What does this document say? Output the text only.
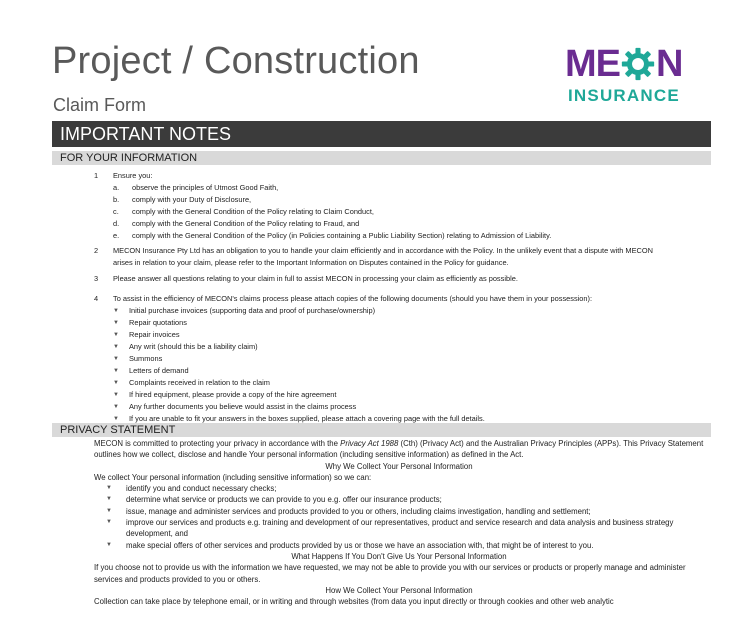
Project / Construction
Claim Form
ME N
INSURANCE
IMPORTANT NOTES
FOR YOUR INFORMATION
1	Ensure you:
a.	observe the principles of Utmost Good Faith,
b.	comply with your Duty of Disclosure,
c.	comply with the General Condition of the Policy relating to Claim Conduct,
d.	comply with the General Condition of the Policy relating to Fraud, and
e.	comply with the General Condition of the Policy (in Policies containing a Public Liability Section) relating to Admission of Liability.
2	MECON Insurance Pty Ltd has an obligation to you to handle your claim efficiently and in accordance with the Policy. In the unlikely event that a dispute with MECON
arises in relation to your claim, please refer to the Important Information on Disputes contained in the Policy for guidance.
3	Please answer all questions relating to your claim in full to assist MECON in processing your claim as efficiently as possible.
4	To assist in the efficiency of MECON's claims process please attach copies of the following documents (should you have them in your possession):
▼	Initial purchase invoices (supporting data and proof of purchase/ownership)
▼	Repair quotations
▼	Repair invoices
▼	Any writ (should this be a liability claim)
▼	Summons
▼	Letters of demand
▼	Complaints received in relation to the claim
▼	If hired equipment, please provide a copy of the hire agreement
▼	Any further documents you believe would assist in the claims process
▼	If you are unable to fit your answers in the boxes supplied, please attach a covering page with the full details.
PRIVACY STATEMENT

MECON is committed to protecting your privacy in accordance with the Privacy Act 1988 (Cth) (Privacy Act) and the Australian Privacy Principles (APPs). This Privacy Statement outlines how we collect, disclose and handle Your personal information (including sensitive information) as defined in the Act.

Why We Collect Your Personal Information

We collect Your personal information (including sensitive information) so we can:

▼ identify you and conduct necessary checks;
▼ determine what service or products we can provide to you e.g. offer our insurance products;
▼ issue, manage and administer services and products provided to you or others, including claims investigation, handling and settlement;
▼ improve our services and products e.g. training and development of our representatives, product and service research and data analysis and business strategy development, and
▼ make special offers of other services and products provided by us or those we have an association with, that might be of interest to you.

What Happens If You Don't Give Us Your Personal Information

If you choose not to provide us with the information we have requested, we may not be able to provide you with our services or products or properly manage and administer services and products provided to you or others.

How We Collect Your Personal Information

Collection can take place by telephone email, or in writing and through websites (from data you input directly or through cookies and other web analytic
